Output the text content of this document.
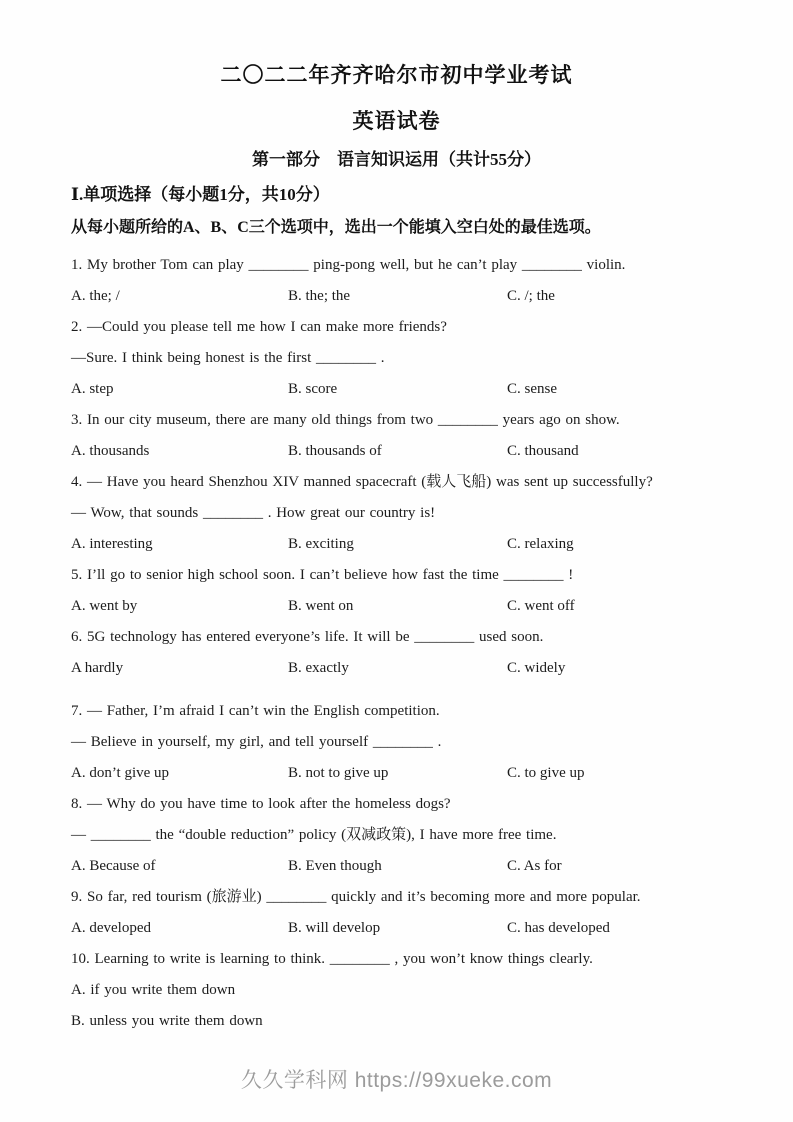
二〇二二年齐齐哈尔市初中学业考试
英语试卷
第一部分　语言知识运用（共计55分）
Ⅰ.单项选择（每小题1分，共10分）
从每小题所给的A、B、C三个选项中，选出一个能填入空白处的最佳选项。
1. My brother Tom can play ________ ping-pong well, but he can’t play ________ violin.
A. the; /	B. the; the	C. /; the
2. —Could you please tell me how I can make more friends?
—Sure. I think being honest is the first ________ .
A. step	B. score	C. sense
3. In our city museum, there are many old things from two ________ years ago on show.
A. thousands	B. thousands of	C. thousand
4. — Have you heard Shenzhou XIV manned spacecraft (载人飞船) was sent up successfully?
— Wow, that sounds ________ . How great our country is!
A. interesting	B. exciting	C. relaxing
5. I’ll go to senior high school soon. I can’t believe how fast the time ________ !
A. went by	B. went on	C. went off
6. 5G technology has entered everyone’s life. It will be ________ used soon.
A hardly	B. exactly	C. widely
7. — Father, I’m afraid I can’t win the English competition.
— Believe in yourself, my girl, and tell yourself ________ .
A. don’t give up	B. not to give up	C. to give up
8. — Why do you have time to look after the homeless dogs?
— ________ the “double reduction” policy (双减政策), I have more free time.
A. Because of	B. Even though	C. As for
9. So far, red tourism (旅游业) ________ quickly and it’s becoming more and more popular.
A. developed	B. will develop	C. has developed
10. Learning to write is learning to think. ________ , you won’t know things clearly.
A. if you write them down
B. unless you write them down
久久学科网 https://99xueke.com
